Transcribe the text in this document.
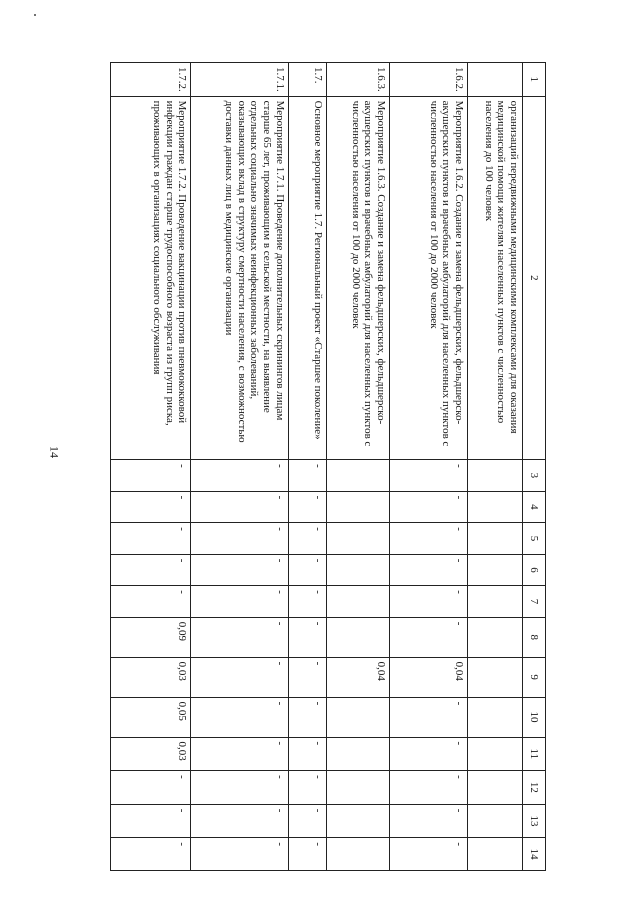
14
1	2	3	4	5	6	7	8	9	10	11	12	13	14
	организаций передвижными медицинскими комплексами для оказания медицинской помощи жителям населенных пунктов с численностью населения до 100 человек												
1.6.2.	Мероприятие 1.6.2. Создание и замена фельдшерских, фельдшерско-акушерских пунктов и врачебных амбулаторий для населенных пунктов с численностью населения от 100 до 2000 человек	-	-	-	-	-	-	0,04	-	-	-	-	-
1.6.3.	Мероприятие 1.6.3. Создание и замена фельдшерских, фельдшерско-акушерских пунктов и врачебных амбулаторий для населенных пунктов с численностью населения от 100 до 2000 человек							0,04					
1.7.	Основное мероприятие 1.7. Региональный проект «Старшее поколение»	-	-	-	-	-	-	-	-	-	-	-	-
1.7.1.	Мероприятие 1.7.1. Проведение дополнительных скринингов лицам старше 65 лет, проживающим в сельской местности, на выявление отдельных социально значимых неинфекционных заболеваний, оказывающих вклад в структуру смертности населения, с возможностью доставки данных лиц в медицинские организации	-	-	-	-	-	-	-	-	-	-	-	-
1.7.2.	Мероприятие 1.7.2. Проведение вакцинации против пневмококковой инфекции граждан старше трудоспособного возраста из групп риска, проживающих в организациях социального обслуживания	-	-	-	-	-	0,09	0,03	0,05	0,03	-	-	-
